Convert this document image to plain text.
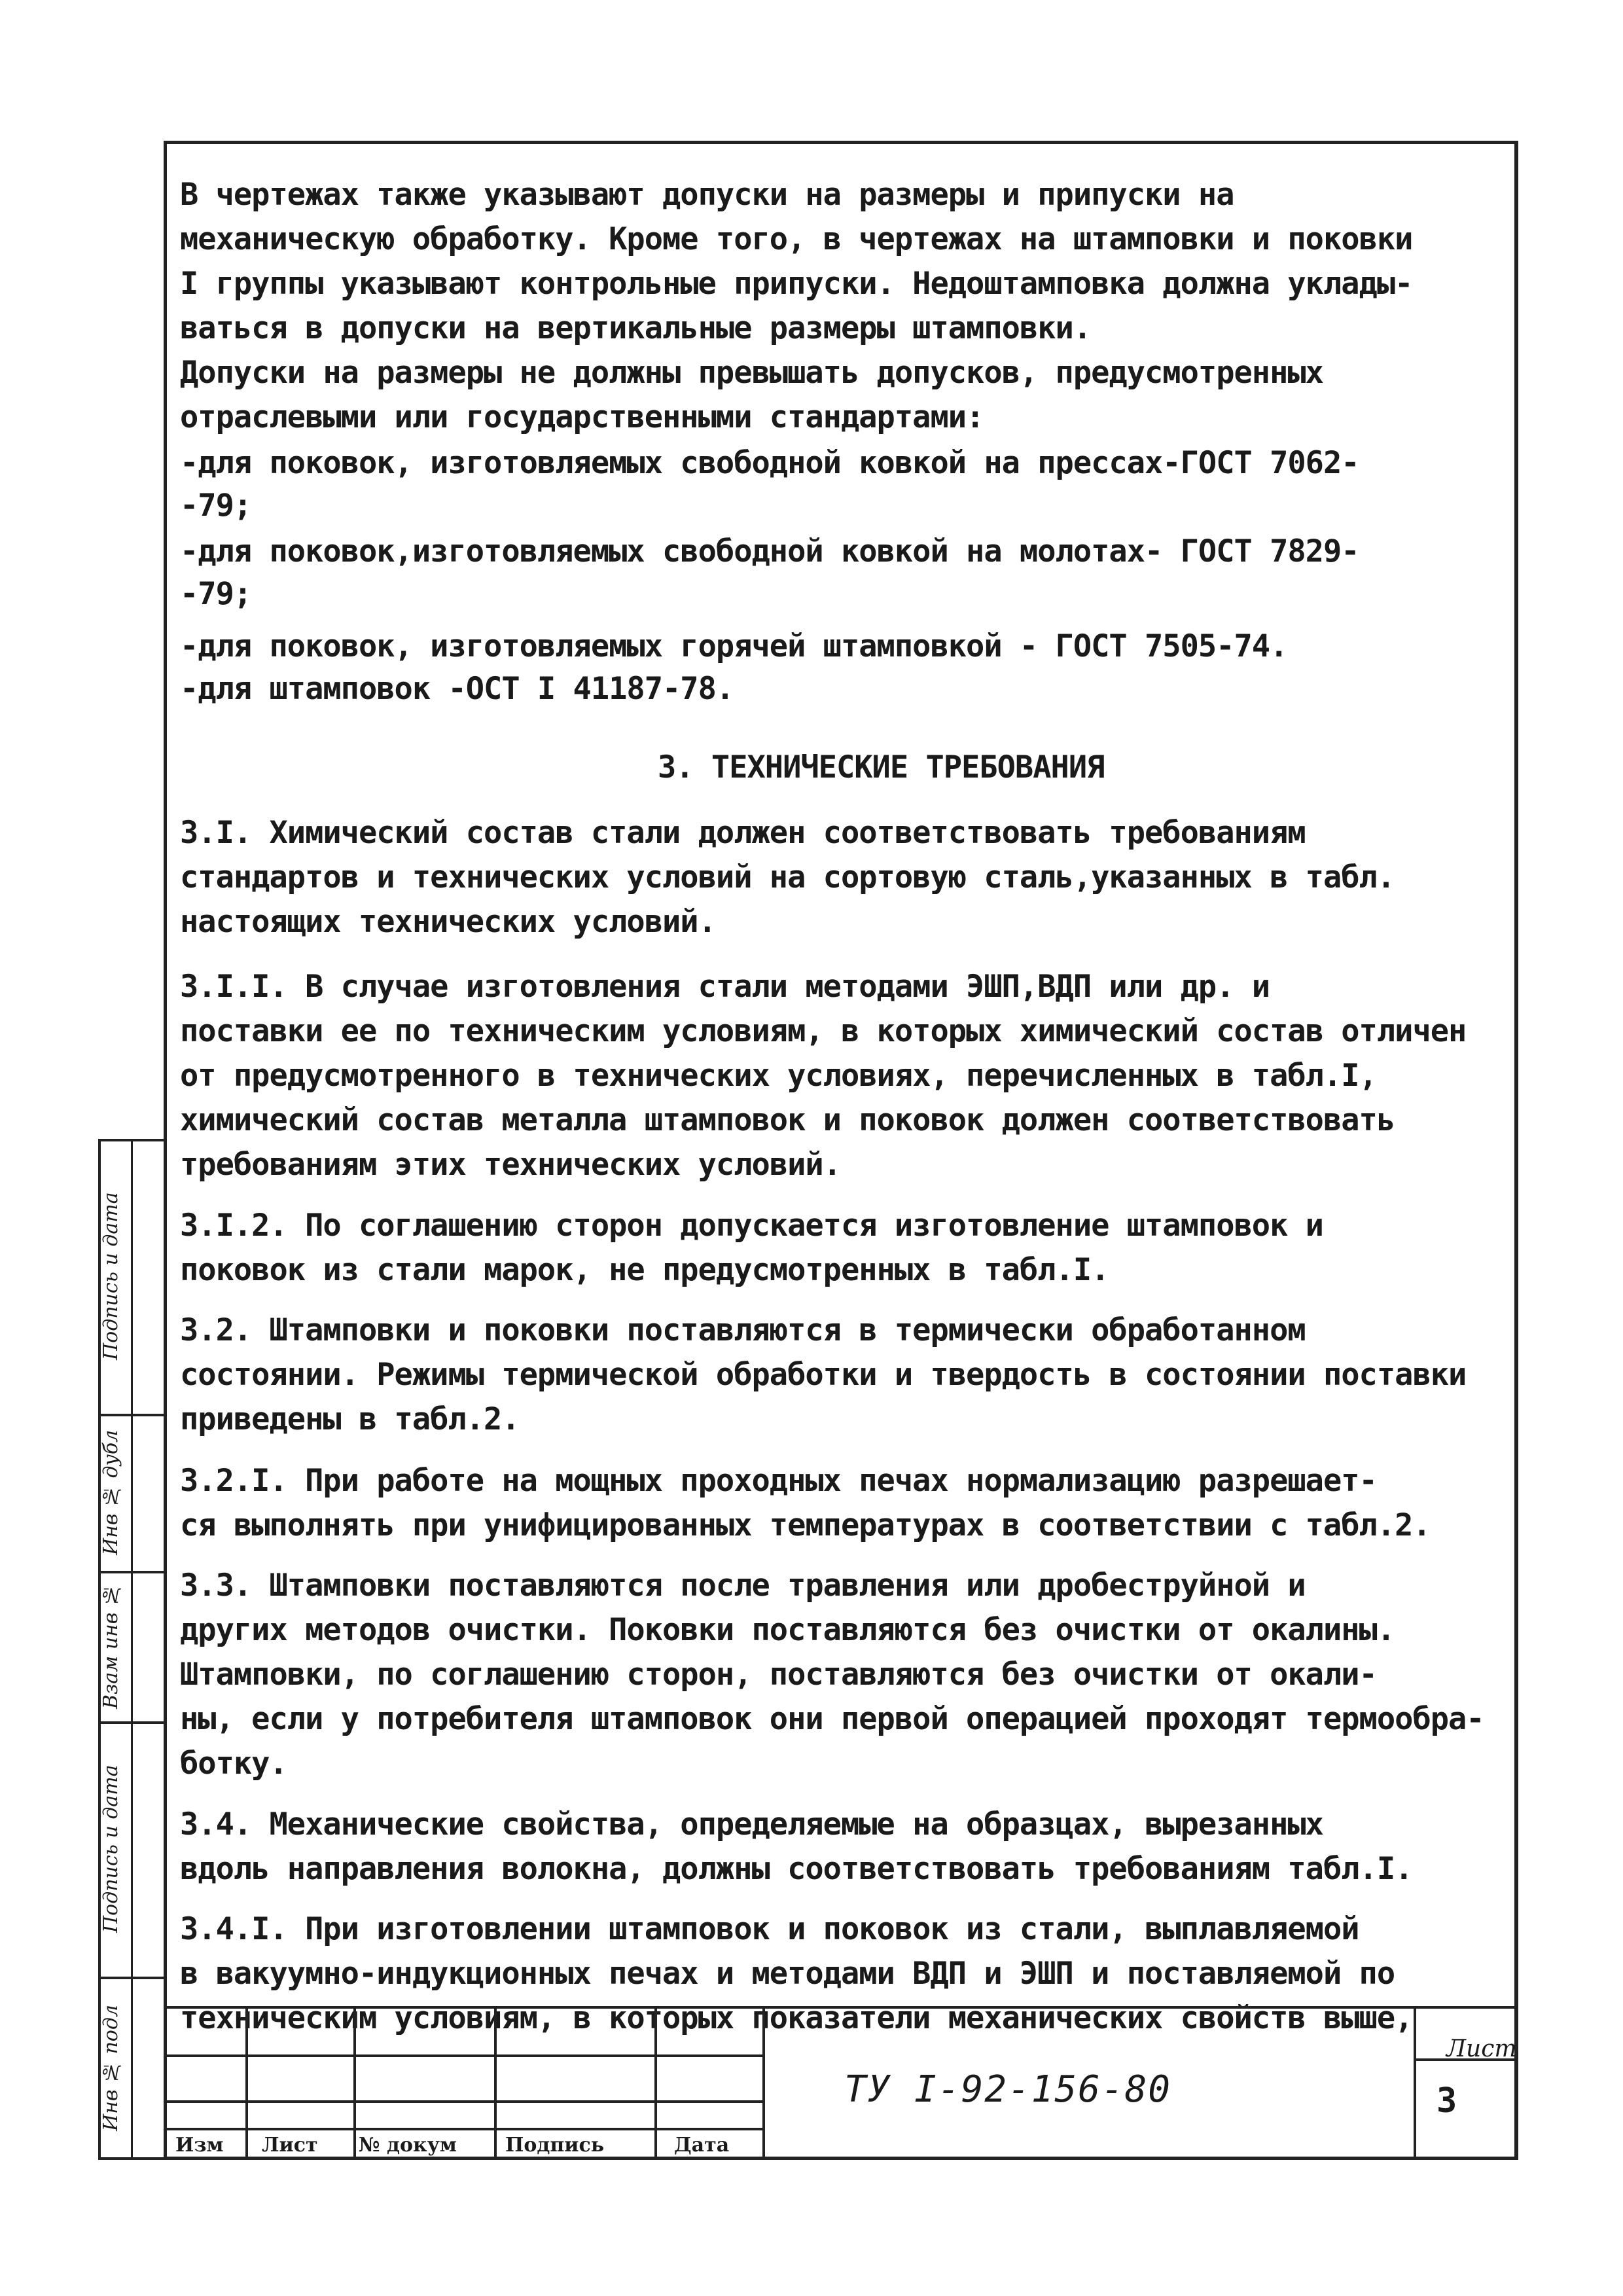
В чертежах также указывают допуски на размеры и припуски на
механическую обработку. Кроме того, в чертежах на штамповки и поковки
I группы указывают контрольные припуски. Недоштамповка должна уклады-
ваться в допуски на вертикальные размеры штамповки.
Допуски на размеры не должны превышать допусков, предусмотренных
отраслевыми или государственными стандартами:
-для поковок, изготовляемых свободной ковкой на прессах-ГОСТ 7062-
-79;
-для поковок,изготовляемых свободной ковкой на молотах- ГОСТ 7829-
-79;
-для поковок, изготовляемых горячей штамповкой - ГОСТ 7505-74.
-для штамповок -ОСТ I 41187-78.
3. ТЕХНИЧЕСКИЕ ТРЕБОВАНИЯ
3.I. Химический состав стали должен соответствовать требованиям
стандартов и технических условий на сортовую сталь,указанных в табл.
настоящих технических условий.
3.I.I. В случае изготовления стали методами ЭШП,ВДП или др. и
поставки ее по техническим условиям, в которых химический состав отличен
от предусмотренного в технических условиях, перечисленных в табл.I,
химический состав металла штамповок и поковок должен соответствовать
требованиям этих технических условий.
3.I.2. По соглашению сторон допускается изготовление штамповок и
поковок из стали марок, не предусмотренных в табл.I.
3.2. Штамповки и поковки поставляются в термически обработанном
состоянии. Режимы термической обработки и твердость в состоянии поставки
приведены в табл.2.
3.2.I. При работе на мощных проходных печах нормализацию разрешает-
ся выполнять при унифицированных температурах в соответствии с табл.2.
3.3. Штамповки поставляются после травления или дробеструйной и
других методов очистки. Поковки поставляются без очистки от окалины.
Штамповки, по соглашению сторон, поставляются без очистки от окали-
ны, если у потребителя штамповок они первой операцией проходят термообра-
ботку.
3.4. Механические свойства, определяемые на образцах, вырезанных
вдоль направления волокна, должны соответствовать требованиям табл.I.
3.4.I. При изготовлении штамповок и поковок из стали, выплавляемой
в вакуумно-индукционных печах и методами ВДП и ЭШП и поставляемой по
техническим условиям, в которых показатели механических свойств выше,
Подпись и дата
Инв № дубл
Взам инв №
Подпись и дата
Инв № подл
Изм Лист № докум Подпись	Дата
ТУ I-92-156-80
Лист
3
